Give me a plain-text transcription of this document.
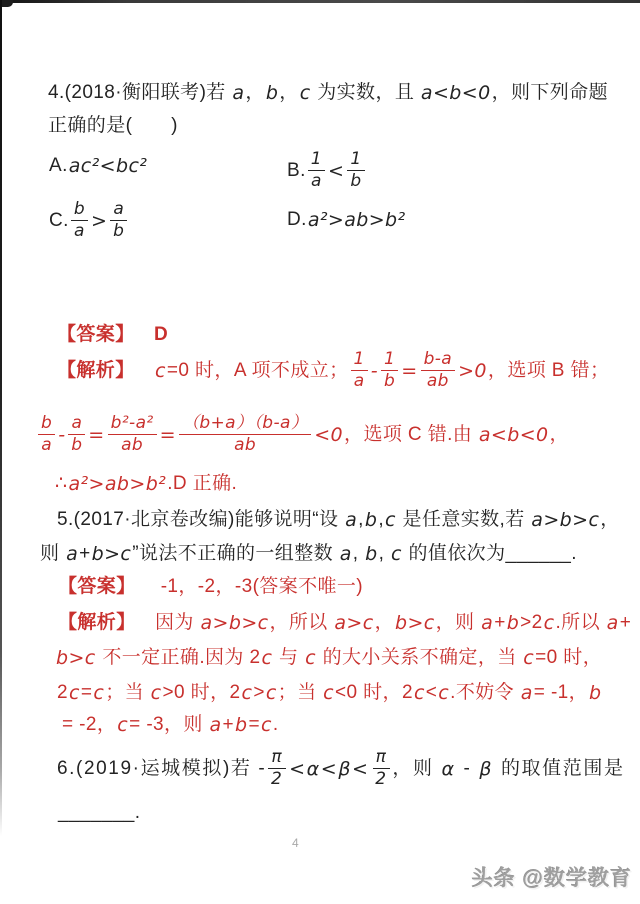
4.(2018·衡阳联考)若 a ， b ， c 为实数，且 a<b<0 ，则下列命题
正确的是(　　)
A. ac²<bc²	B. $\frac{1}{a} < \frac{1}{b}$
C. $\frac{b}{a} > \frac{a}{b}$	D. a²>ab>b²
【答案】
　 D
【解析】
　 c =0 时，A 项不成立； $\frac{1}{a} - \frac{1}{b} = \frac{b-a}{ab} >0$ ，选项 B 错；
$\frac{b}{a} - \frac{a}{b} = \frac{\text{b²-a²}}{ab} = \frac{(b+a)(b-a)}{ab} <0$ ，选项 C 错.由 a<b<0 ，
∴ a²>ab>b² .D 正确.
5.(2017·北京卷改编)能够说明“设 a , b , c 是任意实数,若 a>b>c ，
则 a + b>c ”说法不正确的一组整数 a , b , c 的值依次为______.
【答案】 　 -1，-2，-3(答案不唯一)
【解析】 　因为 a>b>c ，所以 a>c ， b>c ，则 a + b >2 c .所以 a +
b>c 不一定正确.因为 2 c 与 c 的大小关系不确定，当 c =0 时，
2 c = c ；当 c >0 时，2 c > c ；当 c <0 时，2 c < c .不妨令 a = -1， b
= -2， c = -3，则 a + b = c .
6.(2019·运城模拟)若 - $\frac{\pi}{2} <\alpha<\beta< \frac{\pi}{2}$ ，则 α - β 的取值范围是
_______.
4
头条 @数学教育
